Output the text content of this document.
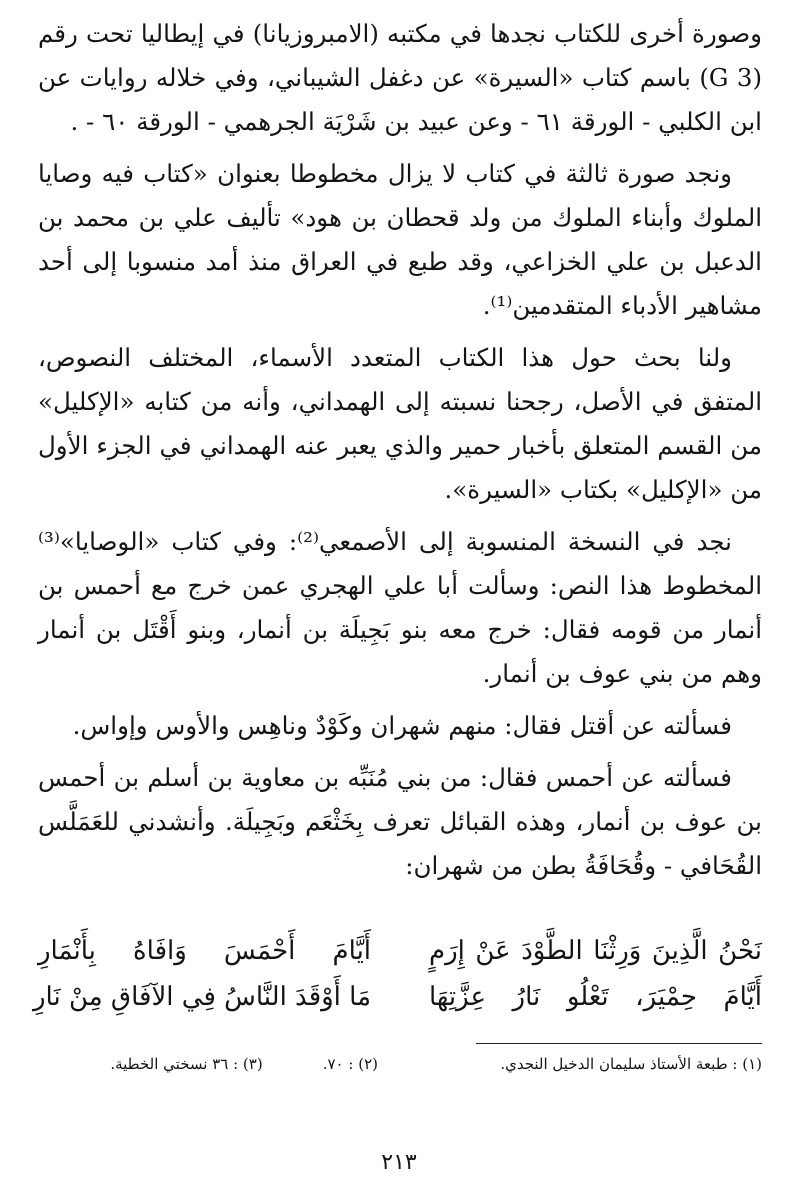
وصورة أخرى للكتاب نجدها في مكتبه (الامبروزيانا) في إيطاليا تحت رقم (G 3) باسم كتاب «السيرة» عن دغفل الشيباني، وفي خلاله روايات عن ابن الكلبي - الورقة ٦١ - وعن عبيد بن شَرْيَة الجرهمي - الورقة ٦٠ - .

ونجد صورة ثالثة في كتاب لا يزال مخطوطا بعنوان «كتاب فيه وصايا الملوك وأبناء الملوك من ولد قحطان بن هود» تأليف علي بن محمد بن الدعبل بن علي الخزاعي، وقد طبع في العراق منذ أمد منسوبا إلى أحد مشاهير الأدباء المتقدمين⁽¹⁾.

ولنا بحث حول هذا الكتاب المتعدد الأسماء، المختلف النصوص، المتفق في الأصل، رجحنا نسبته إلى الهمداني، وأنه من كتابه «الإكليل» من القسم المتعلق بأخبار حمير والذي يعبر عنه الهمداني في الجزء الأول من «الإكليل» بكتاب «السيرة».

نجد في النسخة المنسوبة إلى الأصمعي⁽²⁾: وفي كتاب «الوصايا»⁽³⁾ المخطوط هذا النص: وسألت أبا علي الهجري عمن خرج مع أحمس بن أنمار من قومه فقال: خرج معه بنو بَجِيلَة بن أنمار، وبنو أَقْتَل بن أنمار وهم من بني عوف بن أنمار.

فسألته عن أقتل فقال: منهم شهران وكَوْدٌ وناهِس والأوس وإواس.

فسألته عن أحمس فقال: من بني مُنَبِّه بن معاوية بن أسلم بن أحمس بن عوف بن أنمار، وهذه القبائل تعرف بِخَثْعَم وبَجِيلَة. وأنشدني للعَمَلَّس القُحَافي - وقُحَافَةُ بطن من شهران:

نَحْنُ الَّذِينَ وَرِثْنَا الطَّوْدَ عَنْ إِرَمٍ
أَيَّامَ أَحْمَسَ وَافَاهُ بِأَنْمَارِ
أَيَّامَ حِمْيَرَ، تَعْلُو نَارُ عِزَّتِهَا
مَا أَوْقَدَ النَّاسُ فِي الآفَاقِ مِنْ نَارِ
(١) : طبعة الأستاذ سليمان الدخيل النجدي.
(٢) : ٧٠.
(٣) : ٣٦ نسختي الخطية.
٢١٣
